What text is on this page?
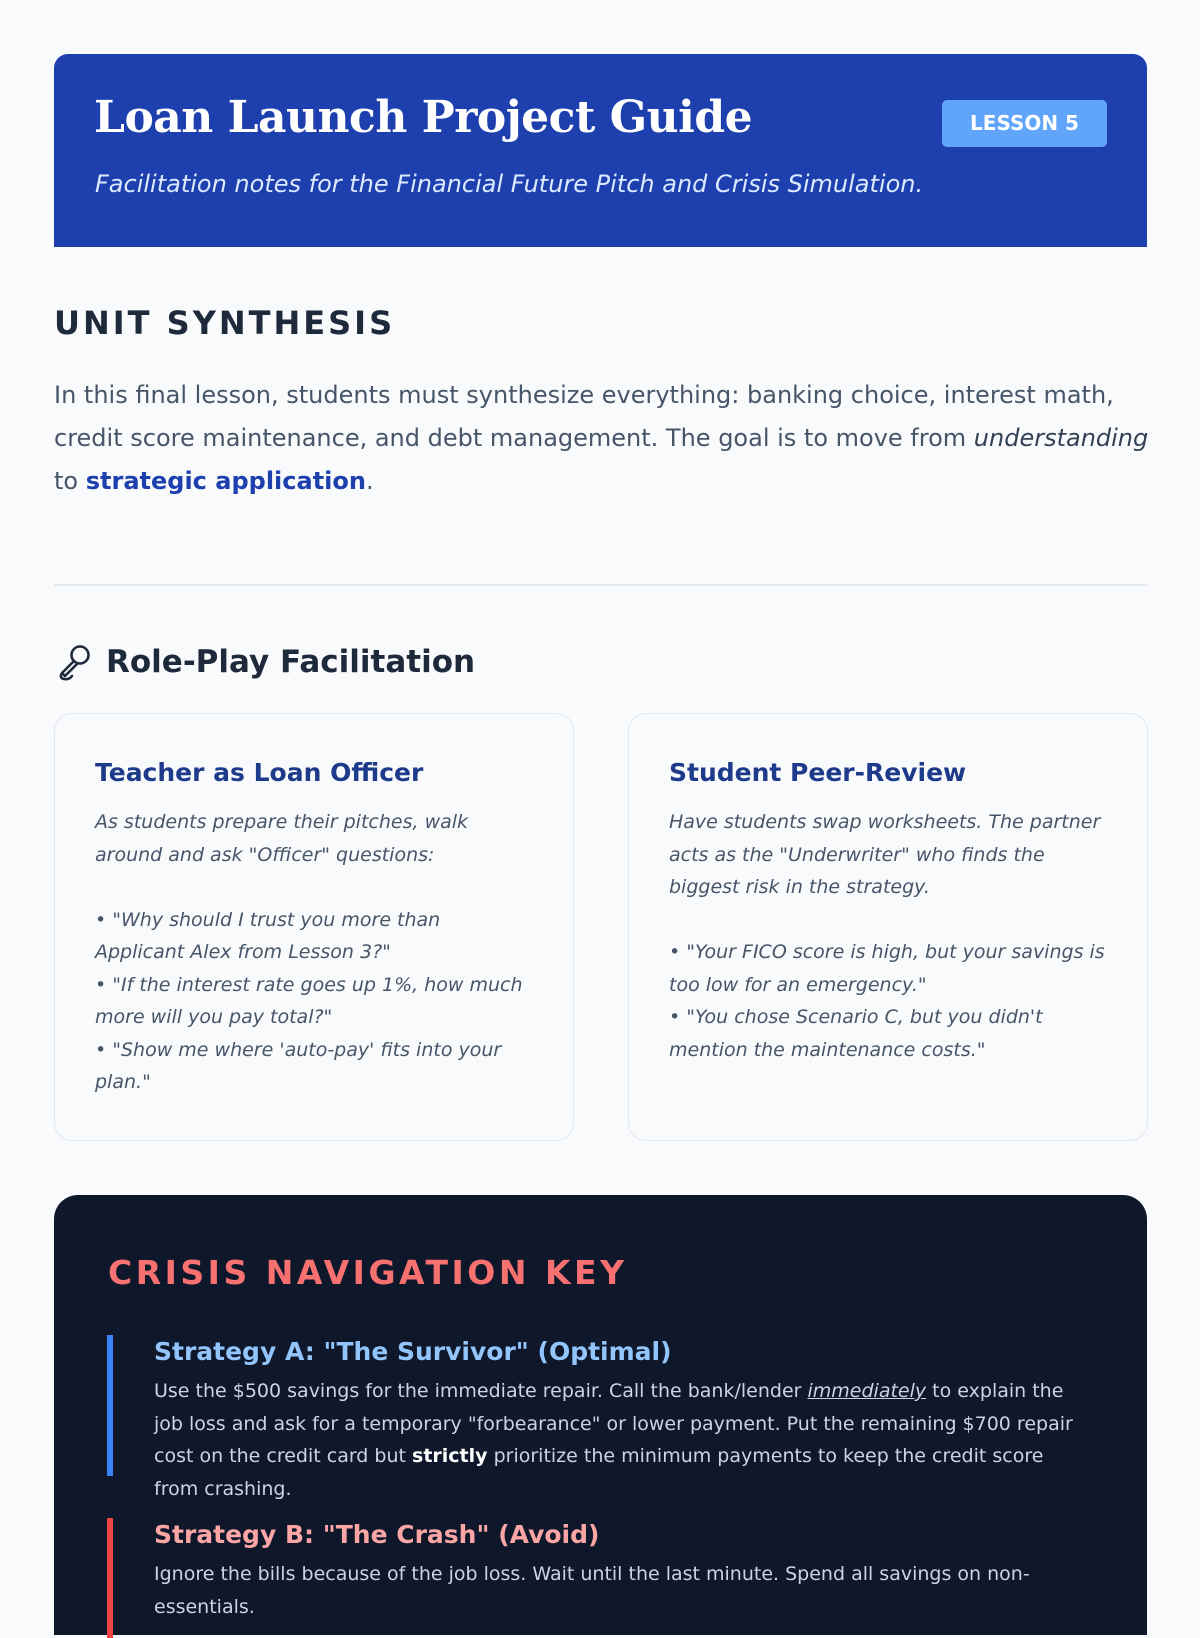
Loan Launch Project Guide
Facilitation notes for the Financial Future Pitch and Crisis Simulation.
LESSON 5
UNIT SYNTHESIS

In this final lesson, students must synthesize everything: banking choice, interest math, credit score maintenance, and debt management. The goal is to move from understanding to strategic application.

Role-Play Facilitation
Teacher as Loan Officer
As students prepare their pitches, walk around and ask "Officer" questions:
• "Why should I trust you more than Applicant Alex from Lesson 3?"
• "If the interest rate goes up 1%, how much more will you pay total?"
• "Show me where 'auto-pay' fits into your plan."
Student Peer-Review
Have students swap worksheets. The partner acts as the "Underwriter" who finds the biggest risk in the strategy.
• "Your FICO score is high, but your savings is too low for an emergency."
• "You chose Scenario C, but you didn't mention the maintenance costs."
CRISIS NAVIGATION KEY
Strategy A: "The Survivor" (Optimal)

Use the $500 savings for the immediate repair. Call the bank/lender immediately to explain the job loss and ask for a temporary "forbearance" or lower payment. Put the remaining $700 repair cost on the credit card but strictly prioritize the minimum payments to keep the credit score from crashing.

Strategy B: "The Crash" (Avoid)

Ignore the bills because of the job loss. Wait until the last minute. Spend all savings on non-essentials.
